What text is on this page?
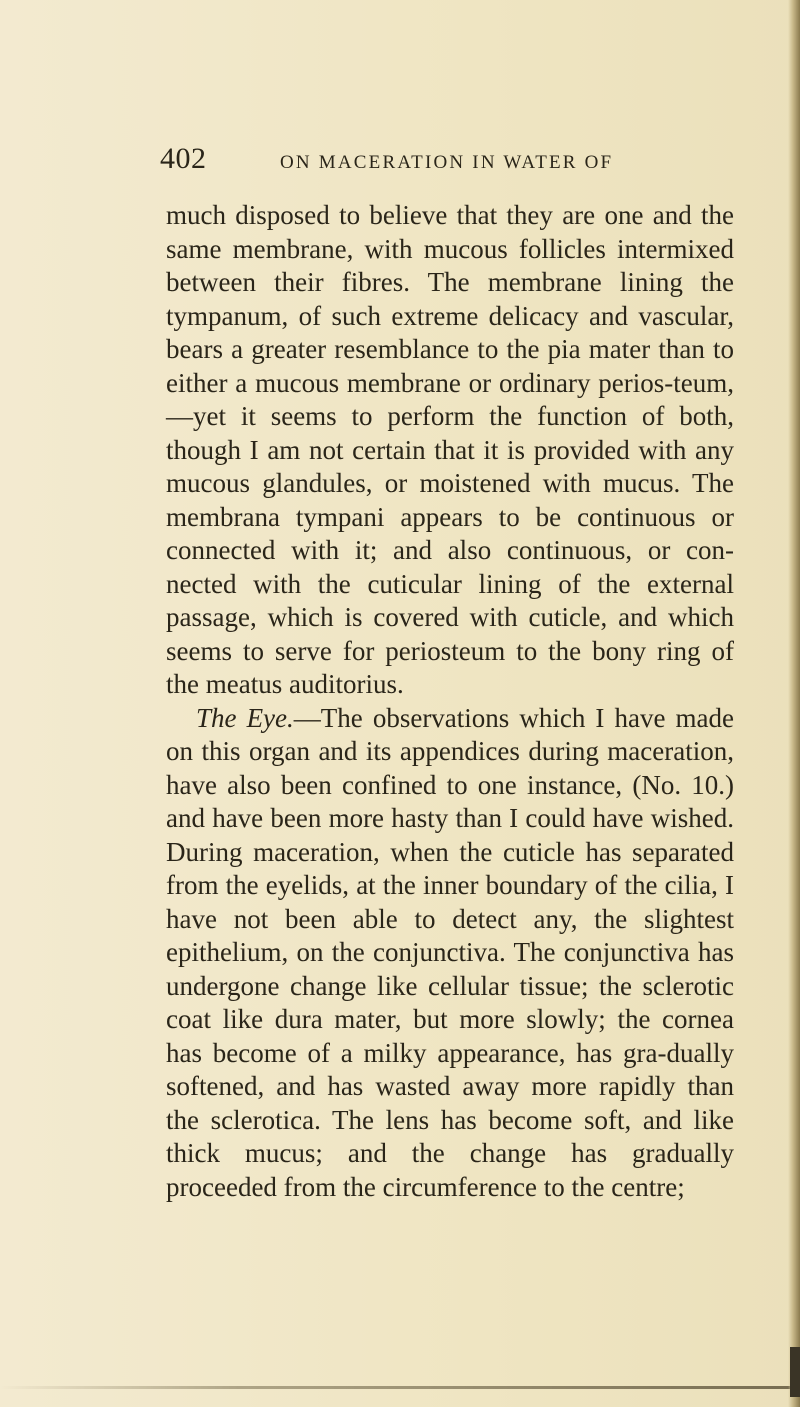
402	ON MACERATION IN WATER OF

much disposed to believe that they are one and the same membrane, with mucous follicles intermixed between their fibres. The membrane lining the tympanum, of such extreme delicacy and vascular, bears a greater resemblance to the pia mater than to either a mucous membrane or ordinary perios-teum,—yet it seems to perform the function of both, though I am not certain that it is provided with any mucous glandules, or moistened with mucus. The membrana tympani appears to be continuous or connected with it; and also continuous, or con-nected with the cuticular lining of the external passage, which is covered with cuticle, and which seems to serve for periosteum to the bony ring of the meatus auditorius.

The Eye.—The observations which I have made on this organ and its appendices during maceration, have also been confined to one instance, (No. 10.) and have been more hasty than I could have wished. During maceration, when the cuticle has separated from the eyelids, at the inner boundary of the cilia, I have not been able to detect any, the slightest epithelium, on the conjunctiva. The conjunctiva has undergone change like cellular tissue; the sclerotic coat like dura mater, but more slowly; the cornea has become of a milky appearance, has gra-dually softened, and has wasted away more rapidly than the sclerotica. The lens has become soft, and like thick mucus; and the change has gradually proceeded from the circumference to the centre;
